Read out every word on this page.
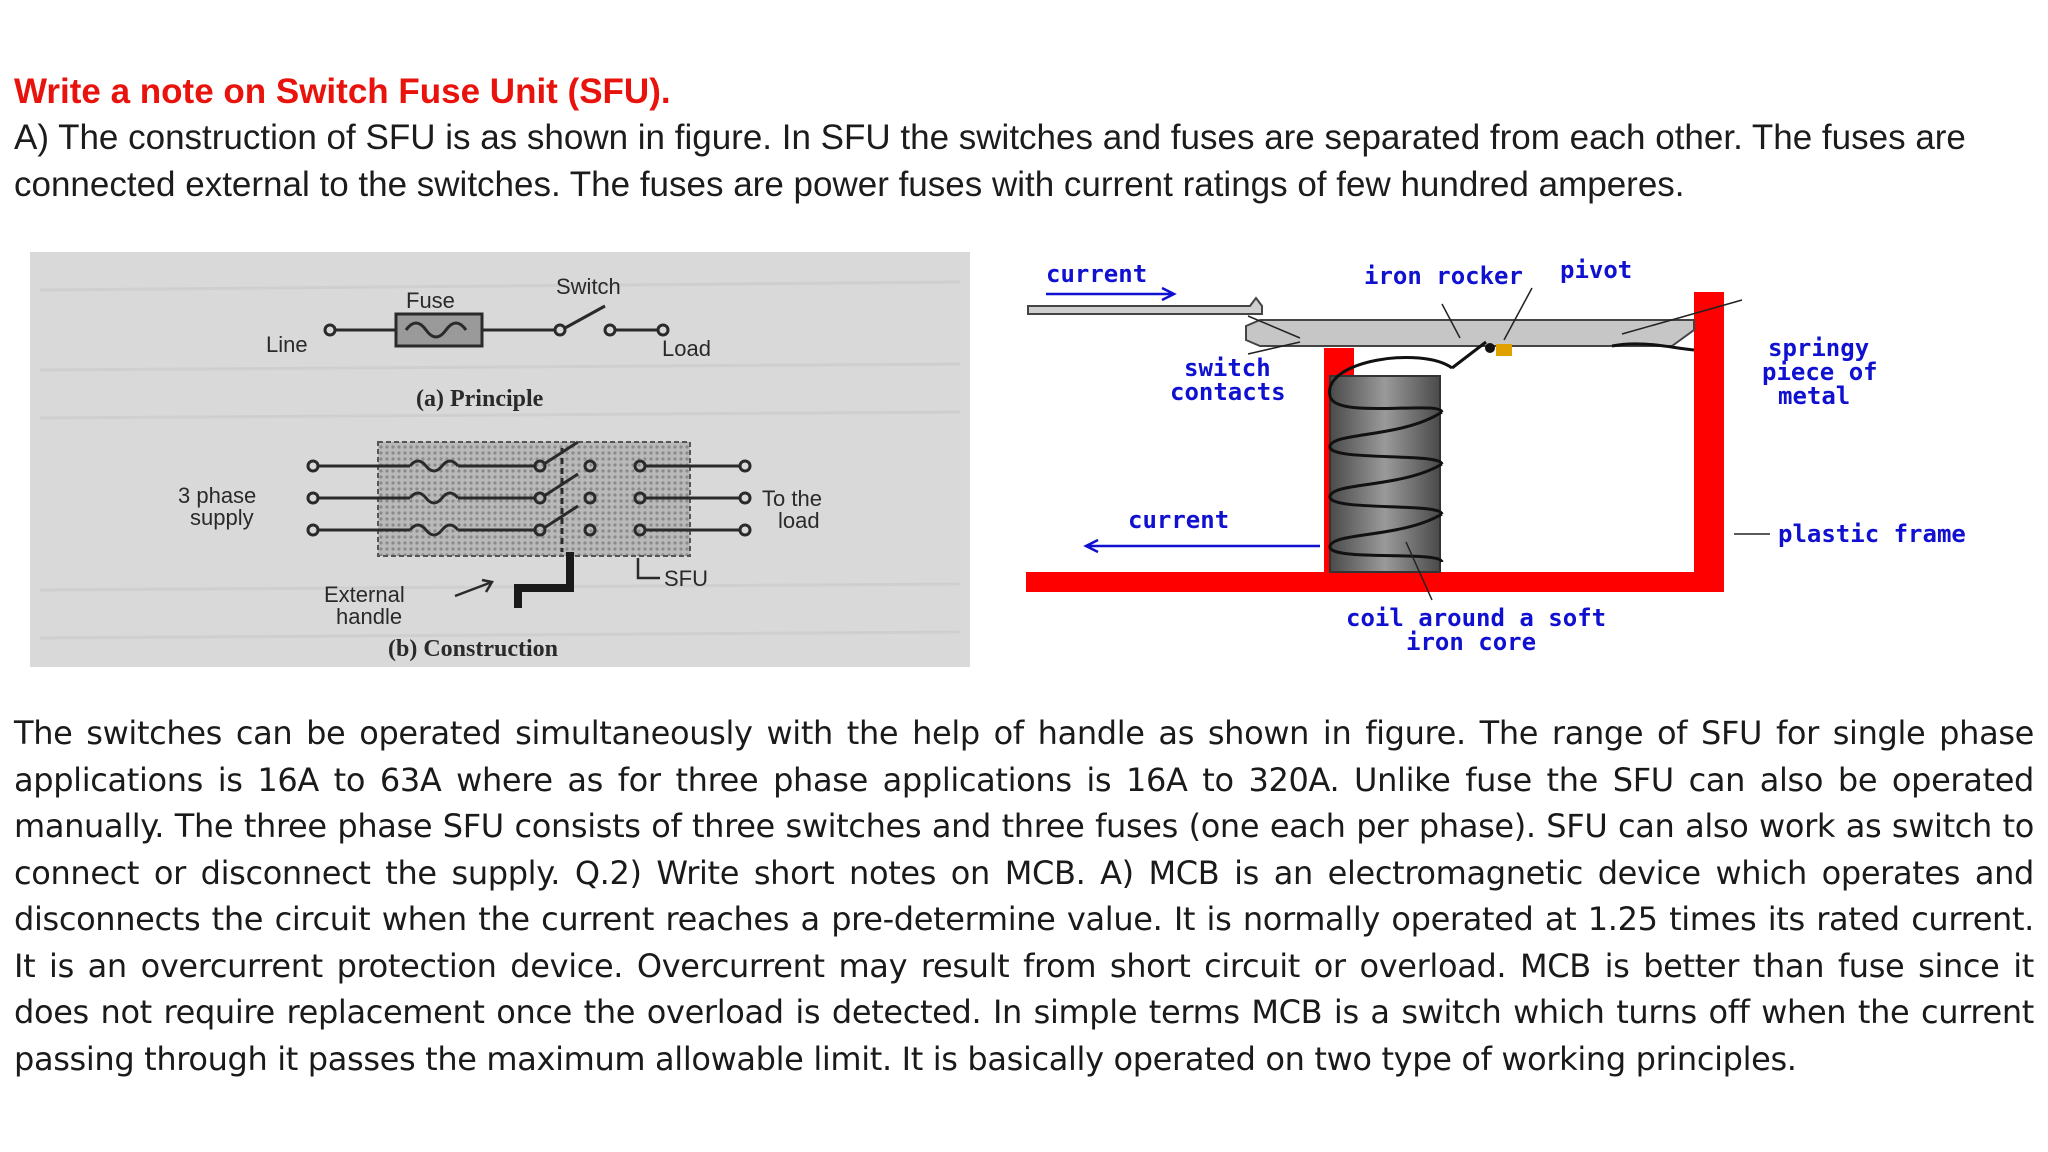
Write a note on Switch Fuse Unit (SFU).

A) The construction of SFU is as shown in figure. In SFU the switches and fuses are separated from each other. The fuses are connected external to the switches. The fuses are power fuses with current ratings of few hundred amperes.

Fuse
Switch
Line	Load
(a) Principle
3 phase
supply
To the
load
SFU
External
handle
(b) Construction
current	iron rocker pivot
switch
contacts
springy
piece of
metal
current	plastic frame
coil around a soft
iron core

The switches can be operated simultaneously with the help of handle as shown in figure. The range of SFU for single phase applications is 16A to 63A where as for three phase applications is 16A to 320A. Unlike fuse the SFU can also be operated manually. The three phase SFU consists of three switches and three fuses (one each per phase). SFU can also work as switch to connect or disconnect the supply. Q.2) Write short notes on MCB. A) MCB is an electromagnetic device which operates and disconnects the circuit when the current reaches a pre-determine value. It is normally operated at 1.25 times its rated current. It is an overcurrent protection device. Overcurrent may result from short circuit or overload. MCB is better than fuse since it does not require replacement once the overload is detected. In simple terms MCB is a switch which turns off when the current passing through it passes the maximum allowable limit. It is basically operated on two type of working principles.
